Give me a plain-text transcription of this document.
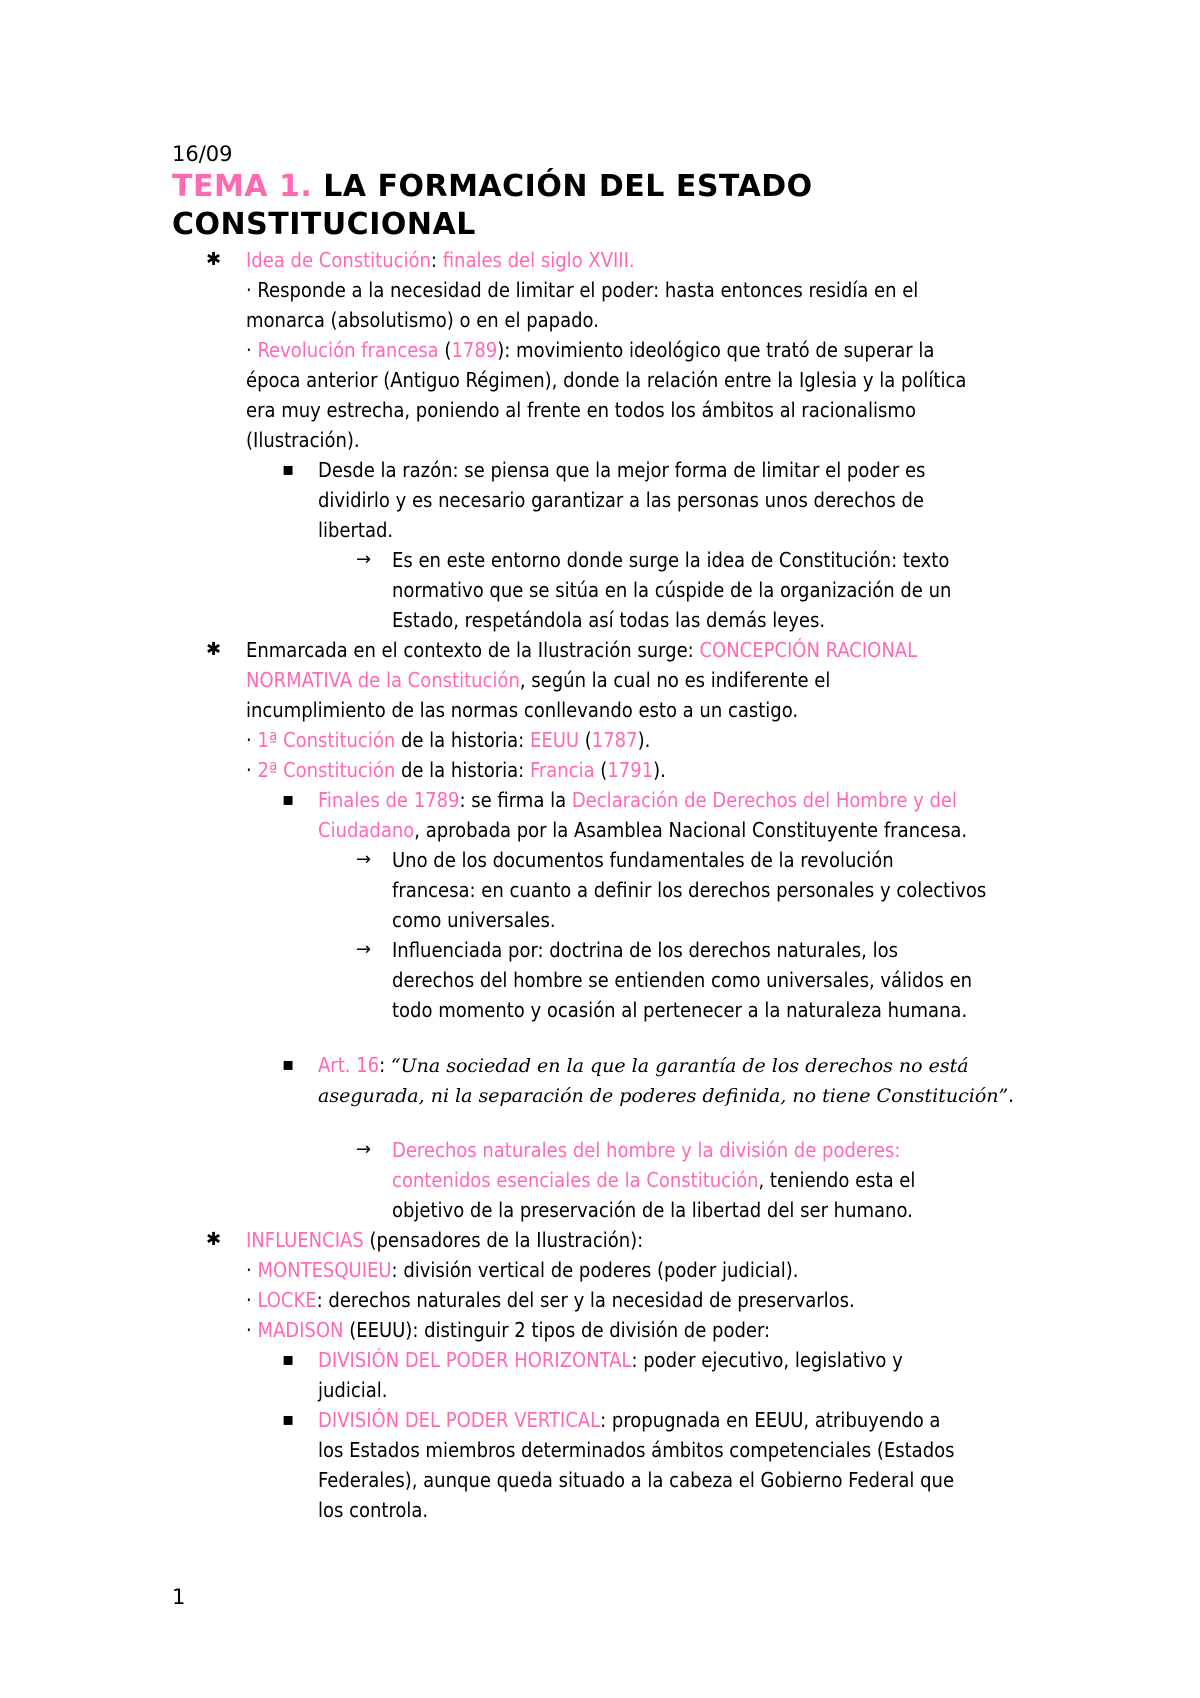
16/09
TEMA 1. LA FORMACIÓN DEL ESTADO
CONSTITUCIONAL
✱ Idea de Constitución: finales del siglo XVIII.
· Responde a la necesidad de limitar el poder: hasta entonces residía en el
monarca (absolutismo) o en el papado.
· Revolución francesa (1789): movimiento ideológico que trató de superar la
época anterior (Antiguo Régimen), donde la relación entre la Iglesia y la política
era muy estrecha, poniendo al frente en todos los ámbitos al racionalismo
(Ilustración).
▪ Desde la razón: se piensa que la mejor forma de limitar el poder es
dividirlo y es necesario garantizar a las personas unos derechos de
libertad.
→ Es en este entorno donde surge la idea de Constitución: texto
normativo que se sitúa en la cúspide de la organización de un
Estado, respetándola así todas las demás leyes.
✱ Enmarcada en el contexto de la Ilustración surge: CONCEPCIÓN RACIONAL
NORMATIVA de la Constitución, según la cual no es indiferente el
incumplimiento de las normas conllevando esto a un castigo.
· 1ª Constitución de la historia: EEUU (1787).
· 2ª Constitución de la historia: Francia (1791).
▪ Finales de 1789: se firma la Declaración de Derechos del Hombre y del
Ciudadano, aprobada por la Asamblea Nacional Constituyente francesa.
→ Uno de los documentos fundamentales de la revolución
francesa: en cuanto a definir los derechos personales y colectivos
como universales.
→ Influenciada por: doctrina de los derechos naturales, los
derechos del hombre se entienden como universales, válidos en
todo momento y ocasión al pertenecer a la naturaleza humana.
▪ Art. 16: “Una sociedad en la que la garantía de los derechos no está
asegurada, ni la separación de poderes definida, no tiene Constitución”.
→ Derechos naturales del hombre y la división de poderes:
contenidos esenciales de la Constitución, teniendo esta el
objetivo de la preservación de la libertad del ser humano.
✱ INFLUENCIAS (pensadores de la Ilustración):
· MONTESQUIEU: división vertical de poderes (poder judicial).
· LOCKE: derechos naturales del ser y la necesidad de preservarlos.
· MADISON (EEUU): distinguir 2 tipos de división de poder:
▪ DIVISIÓN DEL PODER HORIZONTAL: poder ejecutivo, legislativo y
judicial.
▪ DIVISIÓN DEL PODER VERTICAL: propugnada en EEUU, atribuyendo a
los Estados miembros determinados ámbitos competenciales (Estados
Federales), aunque queda situado a la cabeza el Gobierno Federal que
los controla.
1
